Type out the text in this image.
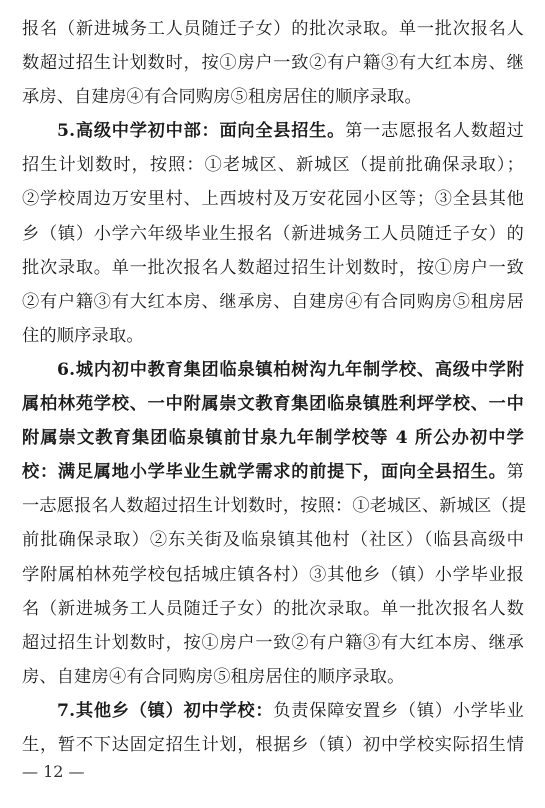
报名（新进城务工人员随迁子女）的批次录取。单一批次报名人
数超过招生计划数时，按①房户一致②有户籍③有大红本房、继
承房、自建房④有合同购房⑤租房居住的顺序录取。
5.高级中学初中部：面向全县招生。第一志愿报名人数超过
招生计划数时，按照：①老城区、新城区（提前批确保录取）；
②学校周边万安里村、上西坡村及万安花园小区等；③全县其他
乡（镇）小学六年级毕业生报名（新进城务工人员随迁子女）的
批次录取。单一批次报名人数超过招生计划数时，按①房户一致
②有户籍③有大红本房、继承房、自建房④有合同购房⑤租房居
住的顺序录取。
6.城内初中教育集团临泉镇柏树沟九年制学校、高级中学附
属柏林苑学校、一中附属崇文教育集团临泉镇胜利坪学校、一中
附属崇文教育集团临泉镇前甘泉九年制学校等 4 所公办初中学
校：满足属地小学毕业生就学需求的前提下，面向全县招生。第
一志愿报名人数超过招生计划数时，按照：①老城区、新城区（提
前批确保录取）②东关街及临泉镇其他村（社区）（临县高级中
学附属柏林苑学校包括城庄镇各村）③其他乡（镇）小学毕业报
名（新进城务工人员随迁子女）的批次录取。单一批次报名人数
超过招生计划数时，按①房户一致②有户籍③有大红本房、继承
房、自建房④有合同购房⑤租房居住的顺序录取。
7.其他乡（镇）初中学校：负责保障安置乡（镇）小学毕业
— 12 —
生，暂不下达固定招生计划，根据乡（镇）初中学校实际招生情
